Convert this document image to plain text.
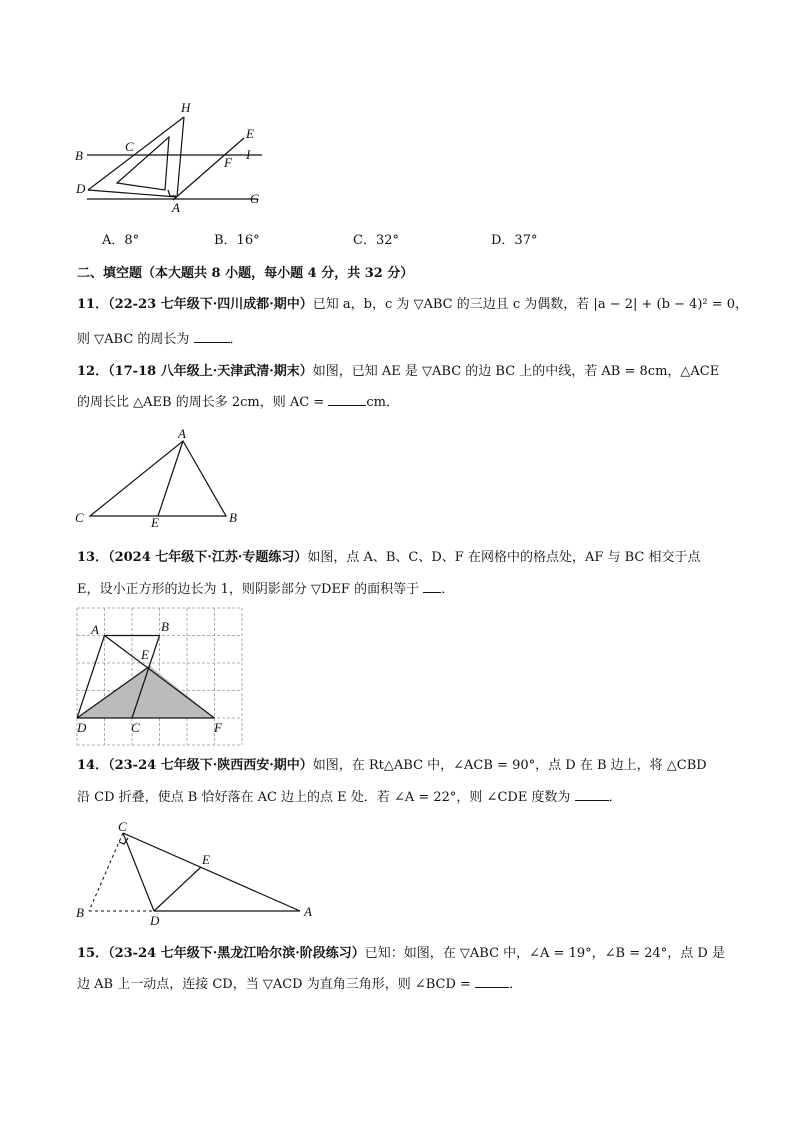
H
E
B
C
I
F
D
A
G
A．8°	B．16°	C．32°	D．37°
二、填空题（本大题共 8 小题，每小题 4 分，共 32 分）
11．（22-23 七年级下·四川成都·期中）已知 a，b，c 为 ▽ABC 的三边且 c 为偶数，若 |a − 2| + (b − 4)² = 0，
则 ▽ABC 的周长为	．
12．（17-18 八年级上·天津武清·期末）如图，已知 AE 是 ▽ABC 的边 BC 上的中线，若 AB = 8cm，△ACE
的周长比 △AEB 的周长多 2cm，则 AC =	cm．
A
C	E	B
13．（2024 七年级下·江苏·专题练习）如图，点 A、B、C、D、F 在网格中的格点处，AF 与 BC 相交于点
E，设小正方形的边长为 1，则阴影部分 ▽DEF 的面积等于 ．
A	B
E
D	C	F
14．（23-24 七年级下·陕西西安·期中）如图，在 Rt△ABC 中，∠ACB = 90°，点 D 在 B 边上，将 △CBD
沿 CD 折叠，使点 B 恰好落在 AC 边上的点 E 处．若 ∠A = 22°，则 ∠CDE 度数为	．
C
E
B
D
A
15．（23-24 七年级下·黑龙江哈尔滨·阶段练习）已知：如图，在 ▽ABC 中，∠A = 19°，∠B = 24°，点 D 是
边 AB 上一动点，连接 CD，当 ▽ACD 为直角三角形，则 ∠BCD =	．
